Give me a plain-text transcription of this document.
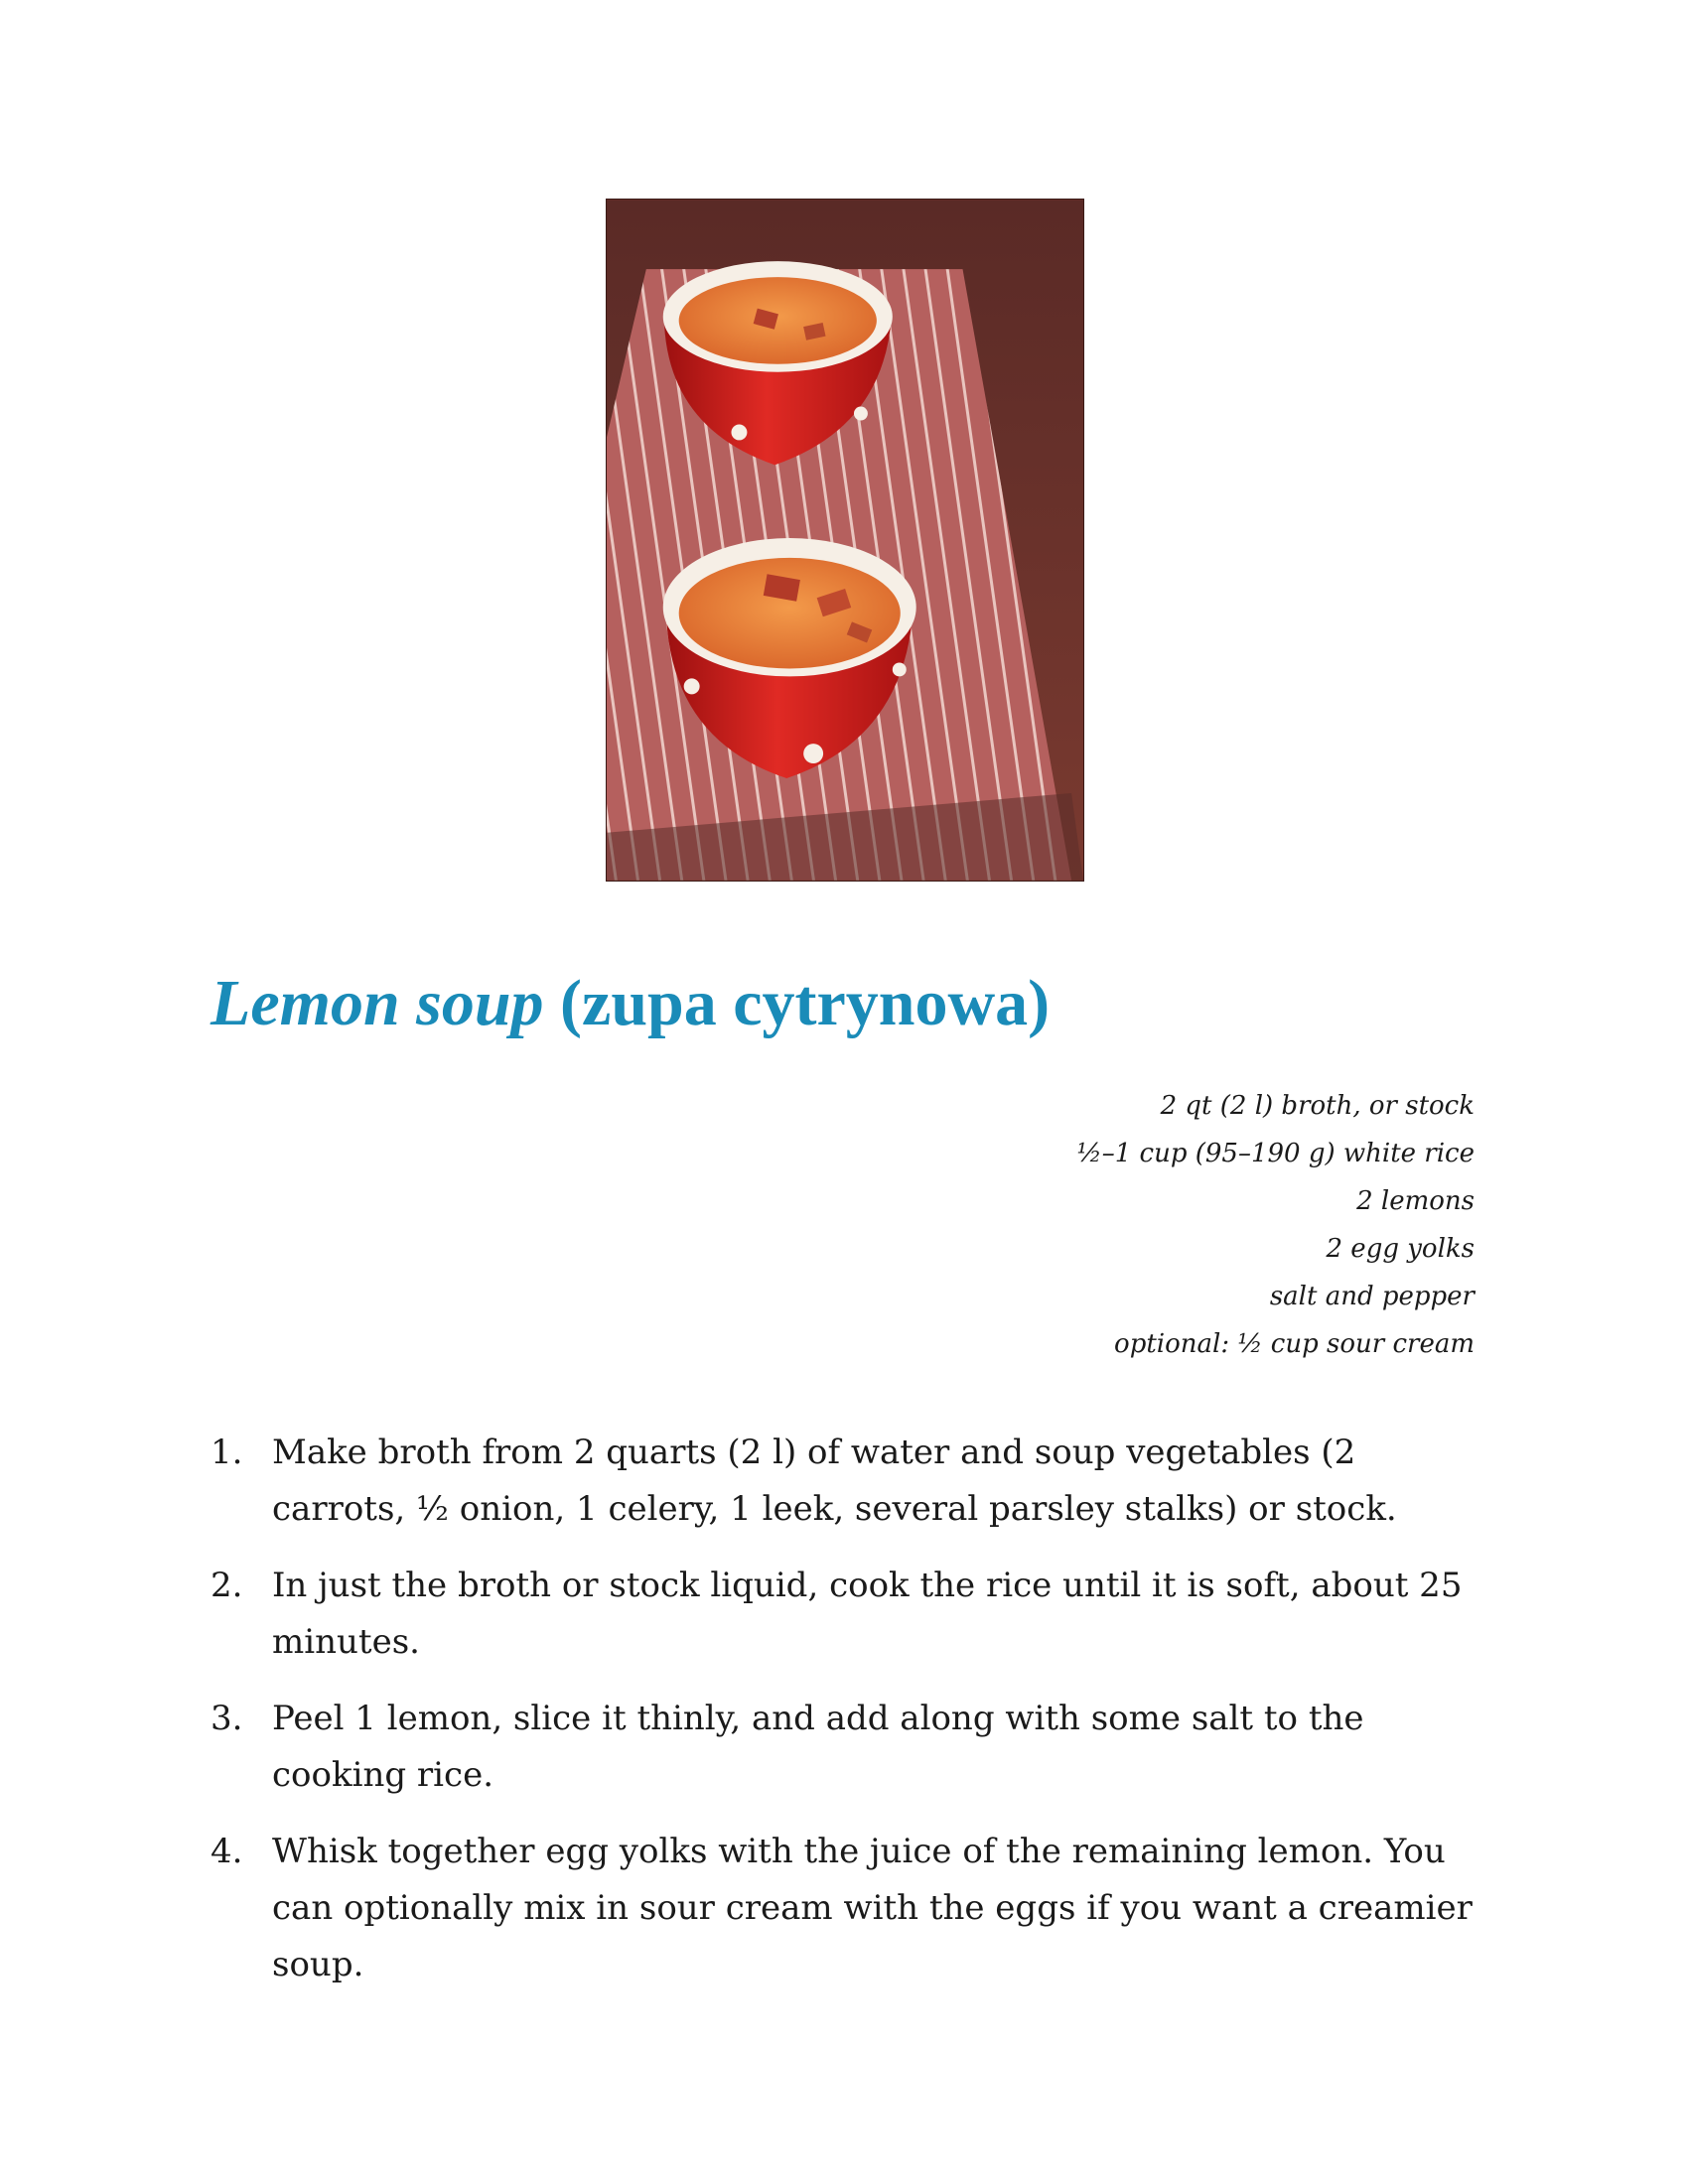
Lemon soup (zupa cytrynowa)
2 qt (2 l) broth, or stock
½–1 cup (95–190 g) white rice
2 lemons
2 egg yolks
salt and pepper
optional: ½ cup sour cream
1. Make broth from 2 quarts (2 l) of water and soup vegetables (2 carrots, ½ onion, 1 celery, 1 leek, several parsley stalks) or stock.
2. In just the broth or stock liquid, cook the rice until it is soft, about 25 minutes.
3. Peel 1 lemon, slice it thinly, and add along with some salt to the cooking rice.
4. Whisk together egg yolks with the juice of the remaining lemon. You can optionally mix in sour cream with the eggs if you want a creamier soup.
